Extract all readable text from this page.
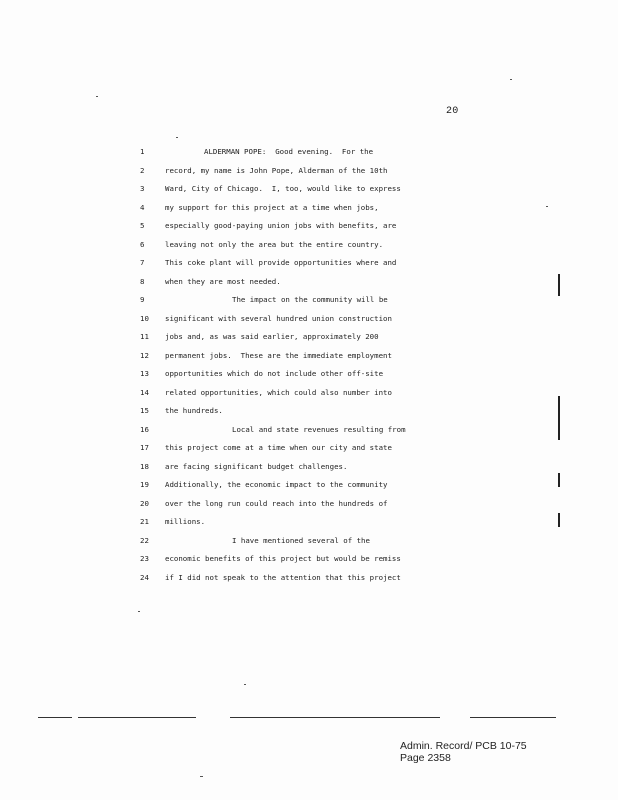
20
1	ALDERMAN POPE:  Good evening.  For the
2	record, my name is John Pope, Alderman of the 10th
3	Ward, City of Chicago.  I, too, would like to express
4	my support for this project at a time when jobs,
5	especially good-paying union jobs with benefits, are
6	leaving not only the area but the entire country.
7	This coke plant will provide opportunities where and
8	when they are most needed.
9	The impact on the community will be
10	significant with several hundred union construction
11	jobs and, as was said earlier, approximately 200
12	permanent jobs.  These are the immediate employment
13	opportunities which do not include other off-site
14	related opportunities, which could also number into
15	the hundreds.
16	Local and state revenues resulting from
17	this project come at a time when our city and state
18	are facing significant budget challenges.
19	Additionally, the economic impact to the community
20	over the long run could reach into the hundreds of
21	millions.
22	I have mentioned several of the
23	economic benefits of this project but would be remiss
24	if I did not speak to the attention that this project
Admin. Record/ PCB 10-75
Page 2358
